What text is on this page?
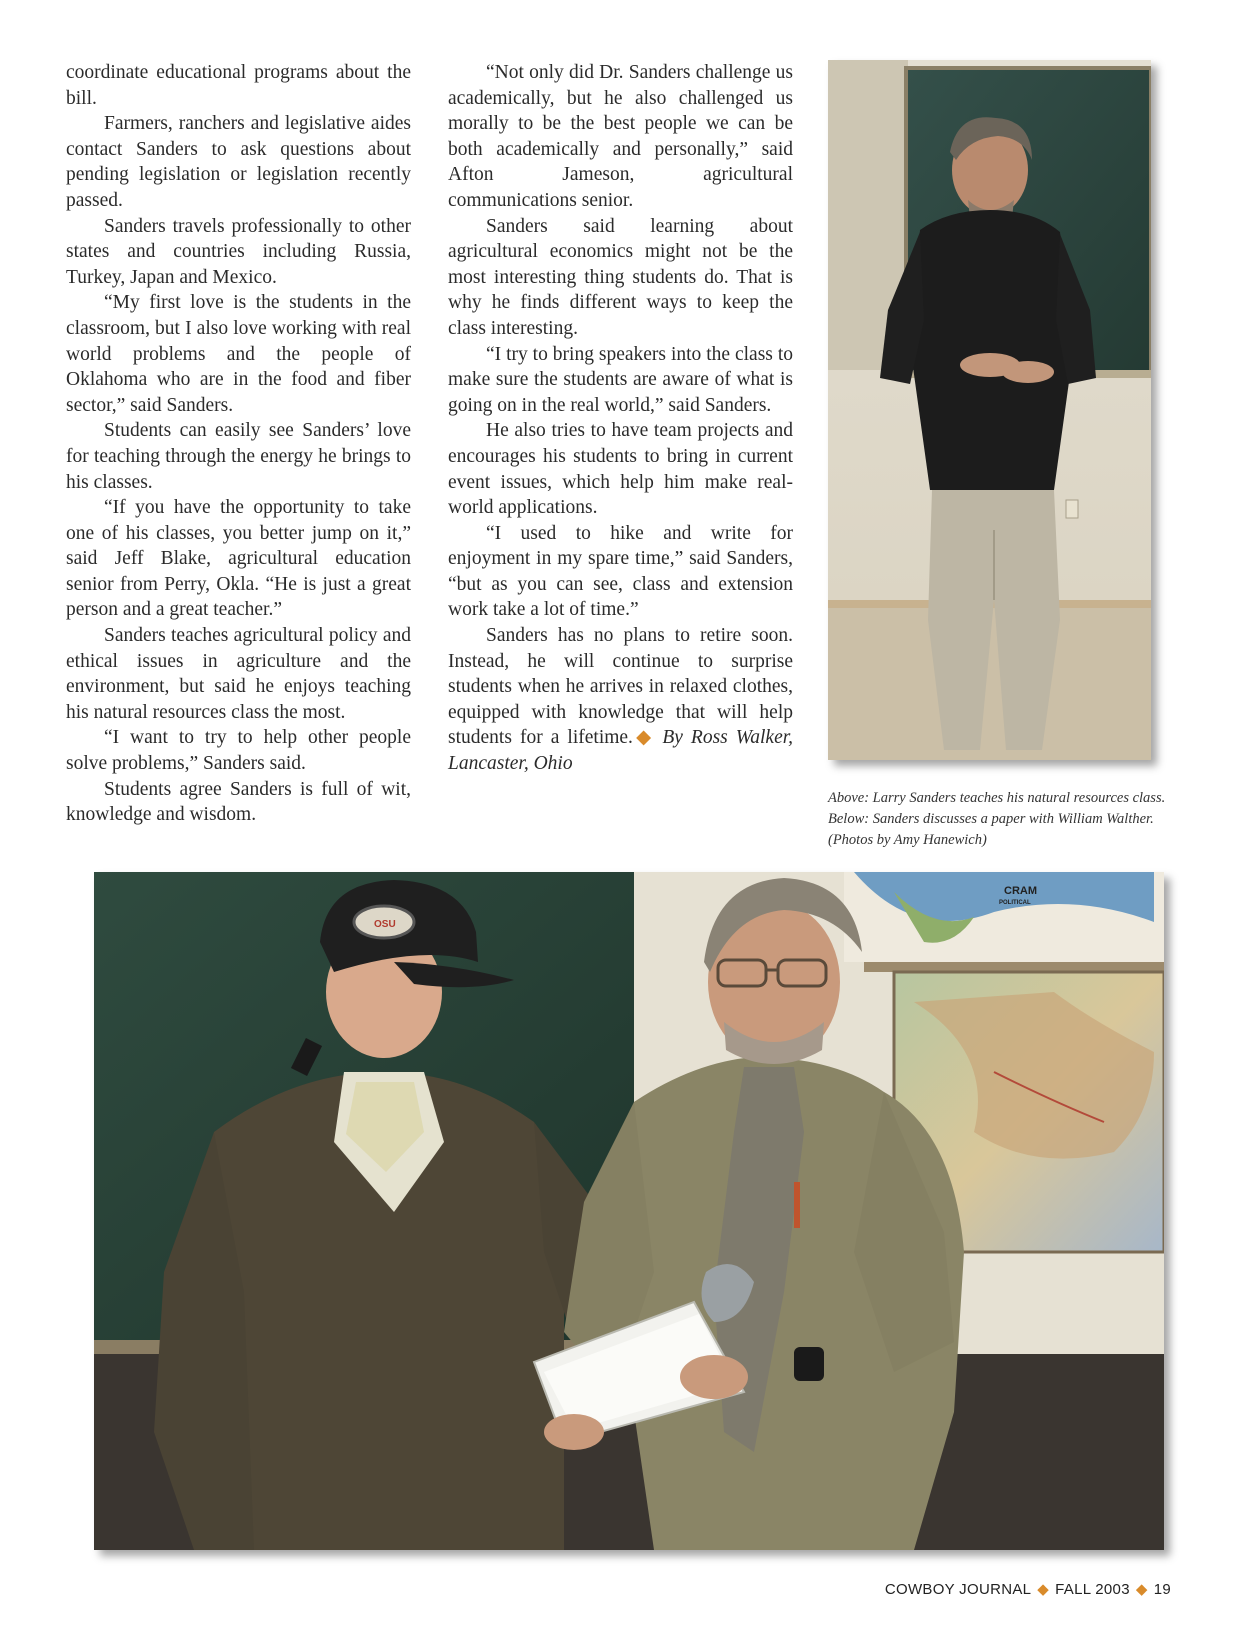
coordinate educational programs about the bill.

Farmers, ranchers and legislative aides contact Sanders to ask questions about pending legislation or legislation recently passed.

Sanders travels professionally to other states and countries including Russia, Turkey, Japan and Mexico.

“My first love is the students in the classroom, but I also love working with real world problems and the people of Oklahoma who are in the food and fiber sector,” said Sanders.

Students can easily see Sanders’ love for teaching through the energy he brings to his classes.

“If you have the opportunity to take one of his classes, you better jump on it,” said Jeff Blake, agricultural education senior from Perry, Okla. “He is just a great person and a great teacher.”

Sanders teaches agricultural policy and ethical issues in agriculture and the environment, but said he enjoys teaching his natural resources class the most.

“I want to try to help other people solve problems,” Sanders said.

Students agree Sanders is full of wit, knowledge and wisdom.

“Not only did Dr. Sanders challenge us academically, but he also challenged us morally to be the best people we can be both academically and personally,” said Afton Jameson, agricultural communications senior.

Sanders said learning about agricultural economics might not be the most interesting thing students do. That is why he finds different ways to keep the class interesting.

“I try to bring speakers into the class to make sure the students are aware of what is going on in the real world,” said Sanders.

He also tries to have team projects and encourages his students to bring in current event issues, which help him make real-world applications.

“I used to hike and write for enjoyment in my spare time,” said Sanders, “but as you can see, class and extension work take a lot of time.”

Sanders has no plans to retire soon. Instead, he will continue to surprise students when he arrives in relaxed clothes, equipped with knowledge that will help students for a lifetime.◆ By Ross Walker, Lancaster, Ohio

Above: Larry Sanders teaches his natural resources class. Below: Sanders discusses a paper with William Walther. (Photos by Amy Hanewich)
CRAM
POLITICAL
OSU
COWBOY JOURNAL ◆ FALL 2003 ◆ 19
